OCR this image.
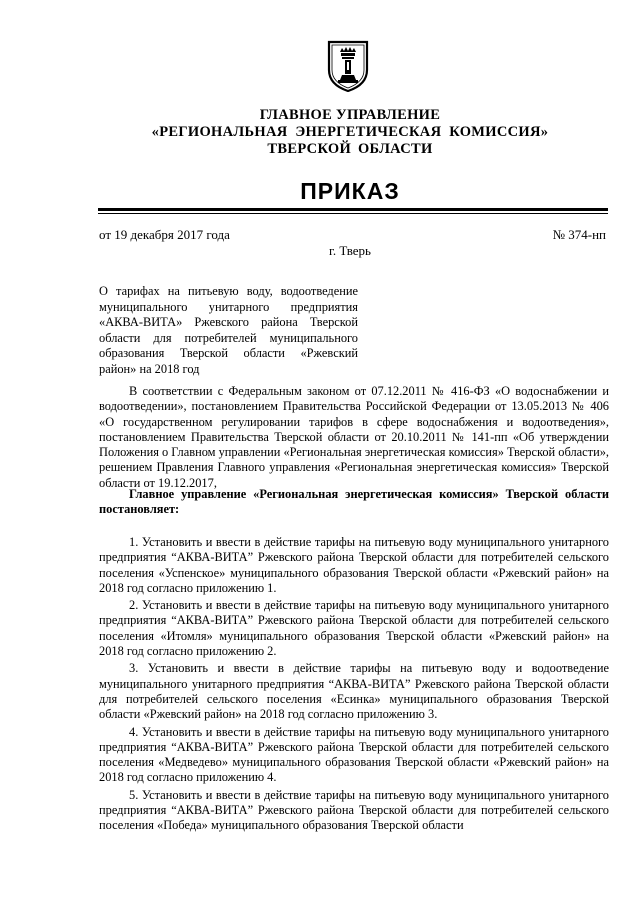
ГЛАВНОЕ УПРАВЛЕНИЕ
«РЕГИОНАЛЬНАЯ ЭНЕРГЕТИЧЕСКАЯ КОМИССИЯ»
ТВЕРСКОЙ ОБЛАСТИ
ПРИКАЗ
от 19 декабря 2017 года	№ 374-нп
г. Тверь
О тарифах на питьевую воду, водоотведение муниципального унитарного предприятия «АКВА-ВИТА» Ржевского района Тверской области для потребителей муниципального образования Тверской области «Ржевский район» на 2018 год
В соответствии с Федеральным законом от 07.12.2011 № 416-ФЗ «О водоснабжении и водоотведении», постановлением Правительства Российской Федерации от 13.05.2013 № 406 «О государственном регулировании тарифов в сфере водоснабжения и водоотведения», постановлением Правительства Тверской области от 20.10.2011 № 141-пп «Об утверждении Положения о Главном управлении «Региональная энергетическая комиссия» Тверской области», решением Правления Главного управления «Региональная энергетическая комиссия» Тверской области от 19.12.2017,
Главное управление «Региональная энергетическая комиссия» Тверской области постановляет:

1. Установить и ввести в действие тарифы на питьевую воду муниципального унитарного предприятия “АКВА-ВИТА” Ржевского района Тверской области для потребителей сельского поселения «Успенское» муниципального образования Тверской области «Ржевский район» на 2018 год согласно приложению 1.

2. Установить и ввести в действие тарифы на питьевую воду муниципального унитарного предприятия “АКВА-ВИТА” Ржевского района Тверской области для потребителей сельского поселения «Итомля» муниципального образования Тверской области «Ржевский район» на 2018 год согласно приложению 2.

3. Установить и ввести в действие тарифы на питьевую воду и водоотведение муниципального унитарного предприятия “АКВА-ВИТА” Ржевского района Тверской области для потребителей сельского поселения «Есинка» муниципального образования Тверской области «Ржевский район» на 2018 год согласно приложению 3.

4. Установить и ввести в действие тарифы на питьевую воду муниципального унитарного предприятия “АКВА-ВИТА” Ржевского района Тверской области для потребителей сельского поселения «Медведево» муниципального образования Тверской области «Ржевский район» на 2018 год согласно приложению 4.

5. Установить и ввести в действие тарифы на питьевую воду муниципального унитарного предприятия “АКВА-ВИТА” Ржевского района Тверской области для потребителей сельского поселения «Победа» муниципального образования Тверской области
